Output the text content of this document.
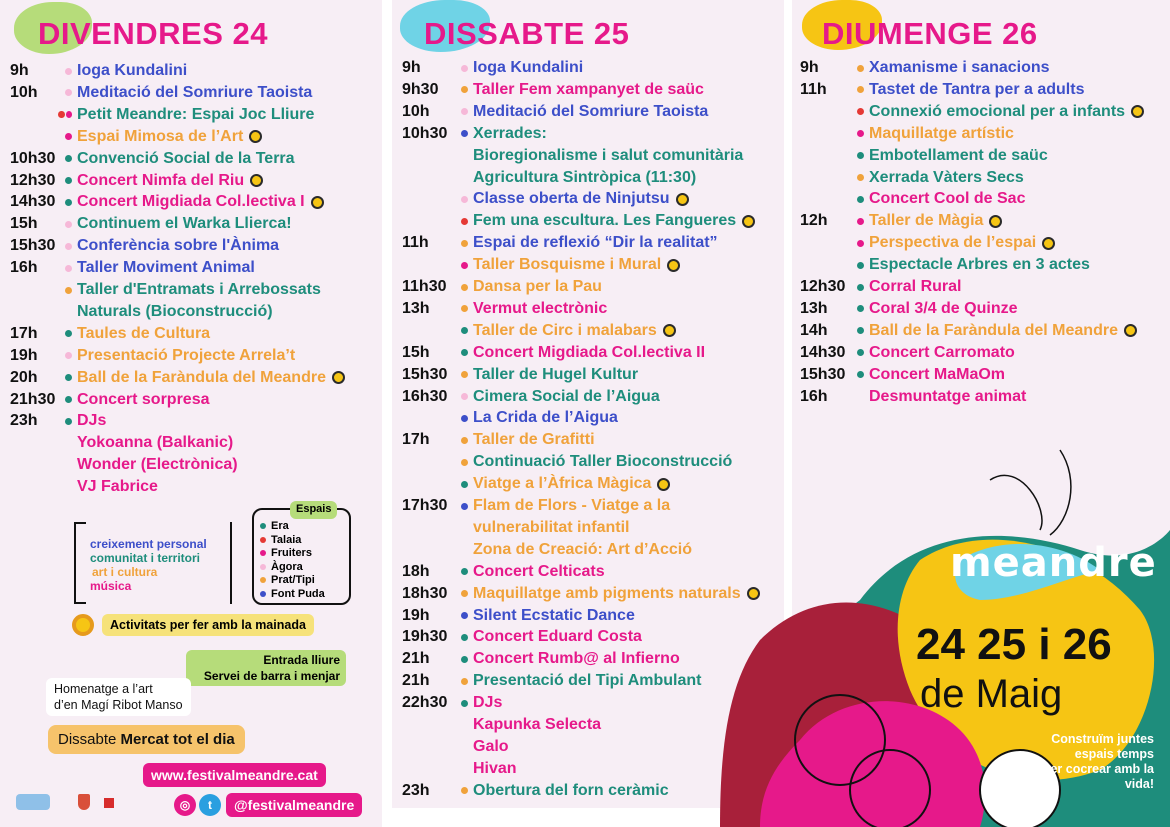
DIVENDRES 24
9h	Ioga Kundalini
10h Meditació del Somriure Taoista
Petit Meandre: Espai Joc Lliure
Espai Mimosa de l’Art
10h30 Convenció Social de la Terra
12h30 Concert Nimfa del Riu
14h30 Concert Migdiada Col.lectiva I
15h Continuem el Warka Llierca!
15h30 Conferència sobre l'Ànima
16h Taller Moviment Animal
Taller d'Entramats i Arrebossats
Naturals (Bioconstrucció)
17h Taules de Cultura
19h Presentació Projecte Arrela’t
20h Ball de la Faràndula del Meandre
21h30 Concert sorpresa
23h DJs
Yokoanna (Balkanic)
Wonder (Electrònica)
VJ Fabrice
creixement personal
comunitat i territori
art i cultura
música
Espais
Era
Talaia
Fruiters
Àgora
Prat/Tipi
Font Puda
Activitats per fer amb la mainada
Entrada lliure
Servei de barra i menjar
Homenatge a l’art
d’en Magí Ribot Manso
Dissabte Mercat tot el dia
www.festivalmeandre.cat
◎	t	@festivalmeandre
DISSABTE 25
9h	Ioga Kundalini
9h30 Taller Fem xampanyet de saüc
10h	Meditació del Somriure Taoista
10h30 Xerrades:
Bioregionalisme i salut comunitària
Agricultura Sintròpica (11:30)
Classe oberta de Ninjutsu
Fem una escultura. Les Fangueres
11h	Espai de reflexió “Dir la realitat”
Taller Bosquisme i Mural
11h30 Dansa per la Pau
13h	Vermut electrònic
Taller de Circ i malabars
15h	Concert Migdiada Col.lectiva II
15h30 Taller de Hugel Kultur
16h30 Cimera Social de l’Aigua
La Crida de l’Aigua
17h	Taller de Grafitti
Continuació Taller Bioconstrucció
Viatge a l’Àfrica Màgica
17h30 Flam de Flors - Viatge a la
vulnerabilitat infantil
Zona de Creació: Art d’Acció
18h	Concert Celticats
18h30 Maquillatge amb pigments naturals
19h	Silent Ecstatic Dance
19h30 Concert Eduard Costa
21h	Concert Rumb@ al Infierno
21h	Presentació del Tipi Ambulant
22h30 DJs
Kapunka Selecta
Galo
Hivan
23h	Obertura del forn ceràmic
DIUMENGE 26
9h	Xamanisme i sanacions
11h	Tastet de Tantra per a adults
Connexió emocional per a infants
Maquillatge artístic
Embotellament de saüc
Xerrada Vàters Secs
Concert Cool de Sac
12h	Taller de Màgia
Perspectiva de l’espai
Espectacle Arbres en 3 actes
12h30 Corral Rural
13h	Coral 3/4 de Quinze
14h	Ball de la Faràndula del Meandre
14h30 Concert Carromato
15h30 Concert MaMaOm
16h	Desmuntatge animat
meandre
24 25 i 26
de Maig
Construïm juntes
espais temps
per cocrear amb la
vida!
